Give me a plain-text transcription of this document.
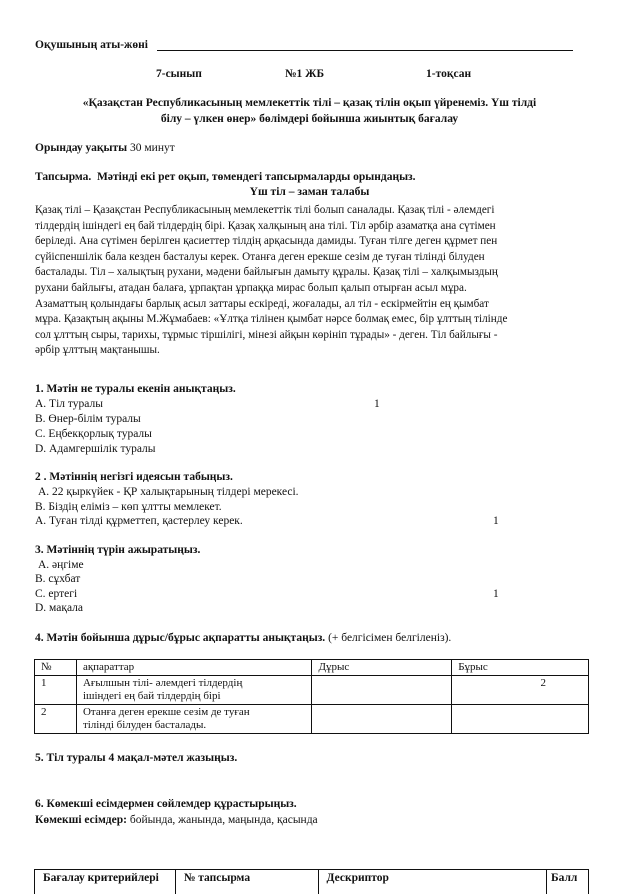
Оқушының аты-жөні
7-сынып	№1 ЖБ	1-тоқсан
«Қазақстан Республикасының мемлекеттік тілі – қазақ тілін оқып үйренеміз. Үш тілді
білу – үлкен өнер» бөлімдері бойынша жиынтық бағалау
Орындау уақыты 30 минут
Тапсырма. Мәтінді екі рет оқып, төмендегі тапсырмаларды орындаңыз.
Үш тіл – заман талабы
Қазақ тілі – Қазақстан Республикасының мемлекеттік тілі болып саналады. Қазақ тілі - әлемдегі
тілдердің ішіндегі ең бай тілдердің бірі. Қазақ халқының ана тілі. Тіл әрбір азаматқа ана сүтімен
беріледі. Ана сүтімен берілген қасиеттер тілдің арқасында дамиды. Туған тілге деген құрмет пен
сүйіспеншілік бала кезден басталуы керек. Отанға деген ерекше сезім де туған тілінді білуден
басталады. Тіл – халықтың рухани, мәдени байлығын дамыту құралы. Қазақ тілі – халқымыздың
рухани байлығы, атадан балаға, ұрпақтан ұрпаққа мирас болып қалып отырған асыл мұра.
Азаматтың қолындағы барлық асыл заттары ескіреді, жоғалады, ал тіл - ескірмейтін ең қымбат
мұра. Қазақтың ақыны М.Жұмабаев: «Ұлтқа тілінен қымбат нәрсе болмақ емес, бір ұлттың тілінде
сол ұлттың сыры, тарихы, тұрмыс тіршілігі, мінезі айқын көрініп тұрады» - деген. Тіл байлығы -
әрбір ұлттың мақтанышы.
1. Мәтін не туралы екенін анықтаңыз.
A. Тіл туралы
B. Өнер-білім туралы
C. Еңбекқорлық туралы
D. Адамгершілік туралы
1
2 . Мәтіннің негізгі идеясын табыңыз.
A. 22 қыркүйек - ҚР халықтарының тілдері мерекесі.
B. Біздің еліміз – көп ұлтты мемлекет.
A. Туған тілді құрметтеп, қастерлеу керек.	1
3. Мәтіннің түрін ажыратыңыз.
A. әңгіме
B. сұхбат
C. ертегі
D. мақала
1
4. Мәтін бойынша дұрыс/бұрыс ақпаратты анықтаңыз. (+ белгісімен белгіленіз).
№	ақпараттар	Дұрыс	Бұрыс
1	Ағылшын тілі- әлемдегі тілдердің
ішіндегі ең бай тілдердің бірі		2
2	Отанға деген ерекше сезім де туған
тілінді білуден басталады.		

5. Тіл туралы 4 мақал-мәтел жазыңыз.
6. Көмекші есімдермен сөйлемдер құрастырыңыз.
Көмекші есімдер: бойында, жанында, маңында, қасында
Бағалау критерийлері	№ тапсырма	Дескриптор	Балл
